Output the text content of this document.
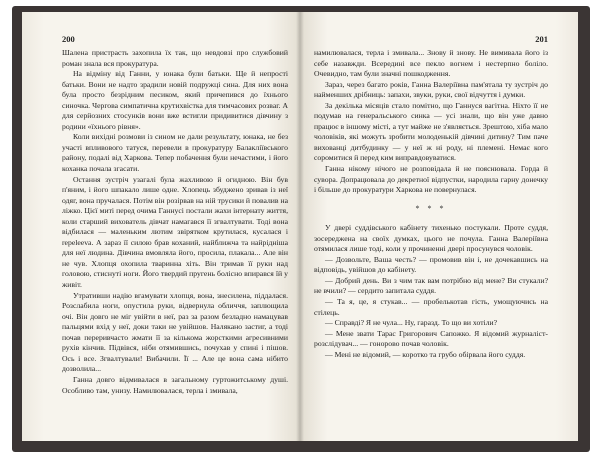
200

Шалена пристрасть захопила їх так, що невдовзі про службовий роман знала вся прокуратура.

На відміну від Ганни, у юнака були батьки. Ще й непрості батьки. Вони не надто зрадили новій подружці сина. Для них вона була просто безрідним песиком, який причепився до їхнього синочка. Чергова симпатична крутихвістка для тимчасових розваг. А для серйозних стосунків вони вже встигли придивитися дівчину з родини «їхнього рівня».

Коли вихідні розмови із сином не дали результату, юнака, не без участі впливового татуся, перевели в прокуратуру Балакліївського району, подалі від Харкова. Тепер побачення були нечастими, і його коханка почала згасати.

Остання зустріч узагалі була жахливою й огидною. Він був п'яним, і його шпакало лише одне. Хлопець збуджено зривав із неї одяг, вона пручалася. Потім він розірвав на ній трусики й повалив на ліжко. Цієї миті перед очима Ганнусі постали жахи інтернату життя, коли старший вихователь дівчат намагався її згвалтувати. Тоді вона відбилася — маленьким лютим звірятком крутилася, кусалася і repeleeva. А зараз її силою брав коханий, найближча та найрідніша для неї людина. Дівчина вмовляла його, просила, плакала... Але він не чув. Хлопця охопила тваринна хіть. Він тримав її руки над головою, стиснуті ноги. Його твердий пругень болісно впирався їй у живіт.

Утративши надію вгамувати хлопця, вона, знесилена, піддалася. Розслабила ноги, опустила руки, відвернула обличчя, заплющила очі. Він довго не міг увійти в неї, раз за разом безладно намацував пальцями вхід у неї, доки таки не увійшов. Налякано застиг, а тоді почав переривчасто жмати її за кількома жорсткими агресивними рухів кінчив. Підвівся, ніби отямившись, почухав у спині і пішов. Ось і все. Згвалтували! Вибачили. Її ... Але це вона сама нібито дозволила...

Ганна довго відмивалася в загальному гуртожитському душі. Особливо там, унизу. Намилювалася, терла і змивала,

201

намилювалася, терла і змивала... Знову й знову. Не вимивала його із себе назавжди. Всередині все пекло вогнем і нестерпно боліло. Очевидно, там були значні пошкодження.

Зараз, через багато років, Ганна Валеріївна пам'ятала ту зустріч до найменших дрібниць: запахи, звуки, руки, свої відчуття і думки.

За декілька місяців стало помітно, що Ганнуся вагітна. Ніхто її не подумав на генеральського синка — усі знали, що він уже давно працює в іншому місті, а тут майже не з'являється. Зрештою, хіба мало чоловіків, які можуть зробити молоденькій дівчині дитину? Тим паче вихованці дитбудинку — у неї ж ні роду, ні племені. Немає кого соромитися й перед ким виправдовуватися.

Ганна нікому нічого не розповідала й не пояснювала. Горда й сувора. Допрацювала до декретної відпустки, народила гарну донечку і більше до прокуратури Харкова не повернулася.

* * *

У двері суддівського кабінету тихенько постукали. Проте суддя, зосереджена на своїх думках, цього не почула. Ганна Валеріївна отямилася лише тоді, коли у прочиненні двері просунувся чоловік.

— Дозвольте, Ваша честь? — промовив він і, не дочекавшись на відповідь, увійшов до кабінету.

— Добрий день. Ви з чим так вам потрібно від мене? Ви стукали? не вчили? — сердито запитала суддя.

— Та я, це, я стукав... — пробелькотав гість, умощуючись на стілець.

— Справді? Я не чула... Ну, гаразд. То що ви хотіли?

— Мене звати Тарас Григорович Сапожко. Я відомий журналіст-розслідувач... — гонорово почав чоловік.

— Мені не відомий, — коротко та грубо обірвала його суддя.
